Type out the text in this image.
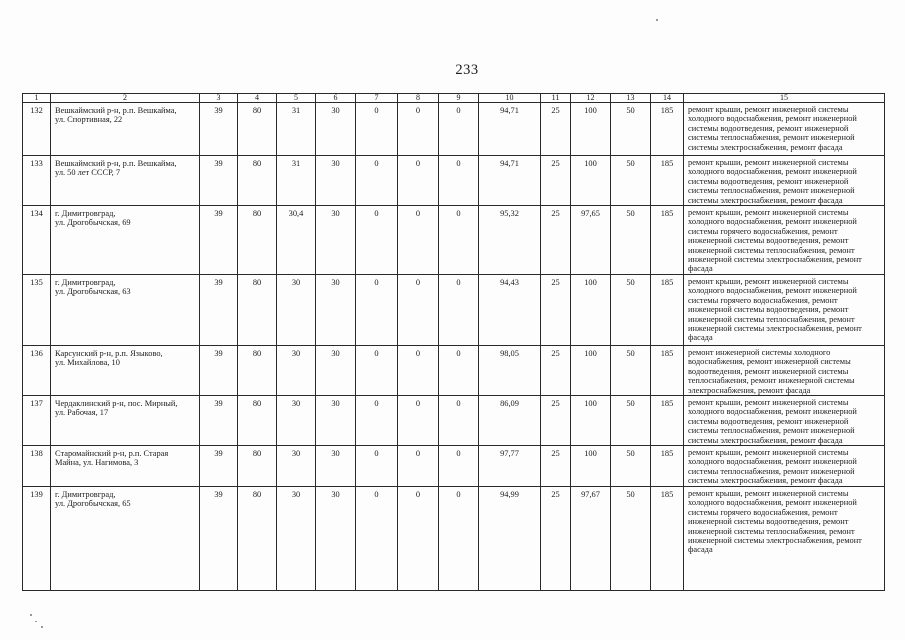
233
1	2	3	4	5	6	7	8	9	10	11	12	13	14	15
132	Вешкаймский р-н, р.п. Вешкайма,
ул. Спортивная, 22	39	80	31	30	0	0	0	94,71	25	100	50	185	ремонт крыши, ремонт инженерной системы холодного водоснабжения, ремонт инженерной системы водоотведения, ремонт инженерной системы теплоснабжения, ремонт инженерной системы электроснабжения, ремонт фасада
133	Вешкаймский р-н, р.п. Вешкайма,
ул. 50 лет СССР, 7	39	80	31	30	0	0	0	94,71	25	100	50	185	ремонт крыши, ремонт инженерной системы холодного водоснабжения, ремонт инженерной системы водоотведения, ремонт инженерной системы теплоснабжения, ремонт инженерной системы электроснабжения, ремонт фасада
134	г. Димитровград,
ул. Дрогобычская, 69	39	80	30,4	30	0	0	0	95,32	25	97,65	50	185	ремонт крыши, ремонт инженерной системы холодного водоснабжения, ремонт инженерной системы горячего водоснабжения, ремонт инженерной системы водоотведения, ремонт инженерной системы теплоснабжения, ремонт инженерной системы электроснабжения, ремонт фасада
135	г. Димитровград,
ул. Дрогобычская, 63	39	80	30	30	0	0	0	94,43	25	100	50	185	ремонт крыши, ремонт инженерной системы холодного водоснабжения, ремонт инженерной системы горячего водоснабжения, ремонт инженерной системы водоотведения, ремонт инженерной системы теплоснабжения, ремонт инженерной системы электроснабжения, ремонт фасада
136	Карсунский р-н, р.п. Языково,
ул. Михайлова, 10	39	80	30	30	0	0	0	98,05	25	100	50	185	ремонт инженерной системы холодного водоснабжения, ремонт инженерной системы водоотведения, ремонт инженерной системы теплоснабжения, ремонт инженерной системы электроснабжения, ремонт фасада
137	Чердаклинский р-н, пос. Мирный,
ул. Рабочая, 17	39	80	30	30	0	0	0	86,09	25	100	50	185	ремонт крыши, ремонт инженерной системы холодного водоснабжения, ремонт инженерной системы водоотведения, ремонт инженерной системы теплоснабжения, ремонт инженерной системы электроснабжения, ремонт фасада
138	Старомайнский р-н, р.п. Старая
Майна, ул. Нагимова, 3	39	80	30	30	0	0	0	97,77	25	100	50	185	ремонт крыши, ремонт инженерной системы холодного водоснабжения, ремонт инженерной системы теплоснабжения, ремонт инженерной системы электроснабжения, ремонт фасада
139	г. Димитровград,
ул. Дрогобычская, 65	39	80	30	30	0	0	0	94,99	25	97,67	50	185	ремонт крыши, ремонт инженерной системы холодного водоснабжения, ремонт инженерной системы горячего водоснабжения, ремонт инженерной системы водоотведения, ремонт инженерной системы теплоснабжения, ремонт инженерной системы электроснабжения, ремонт фасада
